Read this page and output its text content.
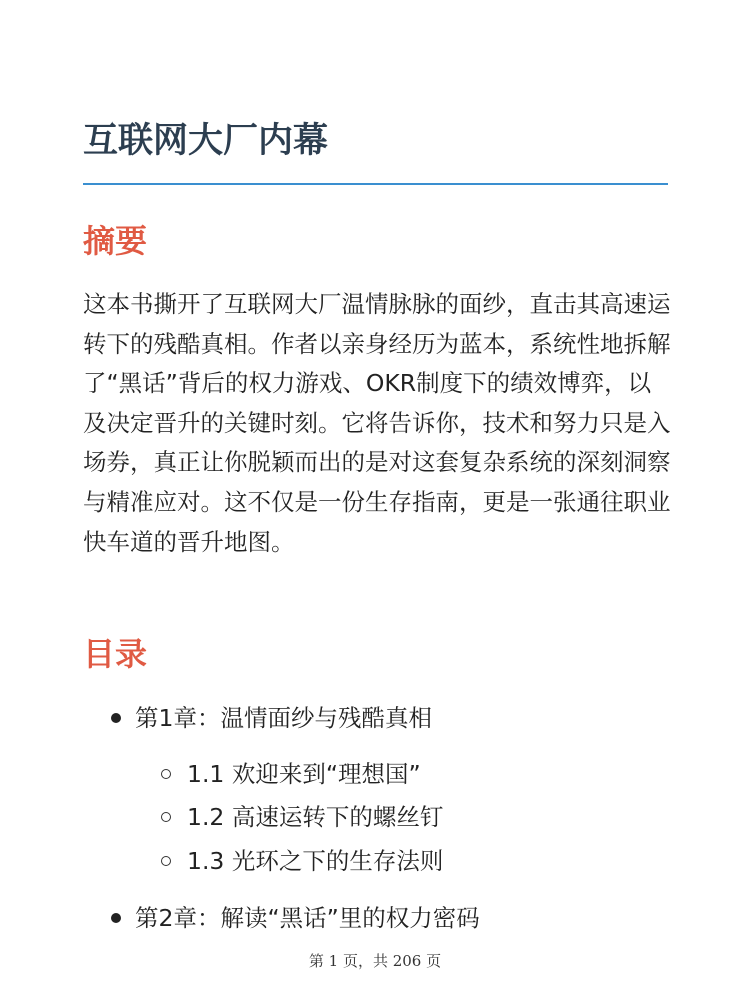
互联网大厂内幕
摘要

这本书撕开了互联网大厂温情脉脉的面纱，直击其高速运转下的残酷真相。作者以亲身经历为蓝本，系统性地拆解了“黑话”背后的权力游戏、OKR制度下的绩效博弈，以及决定晋升的关键时刻。它将告诉你，技术和努力只是入场券，真正让你脱颖而出的是对这套复杂系统的深刻洞察与精准应对。这不仅是一份生存指南，更是一张通往职业快车道的晋升地图。

目录
第1章：温情面纱与残酷真相
1.1 欢迎来到“理想国”
1.2 高速运转下的螺丝钉
1.3 光环之下的生存法则
第2章：解读“黑话”里的权力密码
第 1 页，共 206 页
